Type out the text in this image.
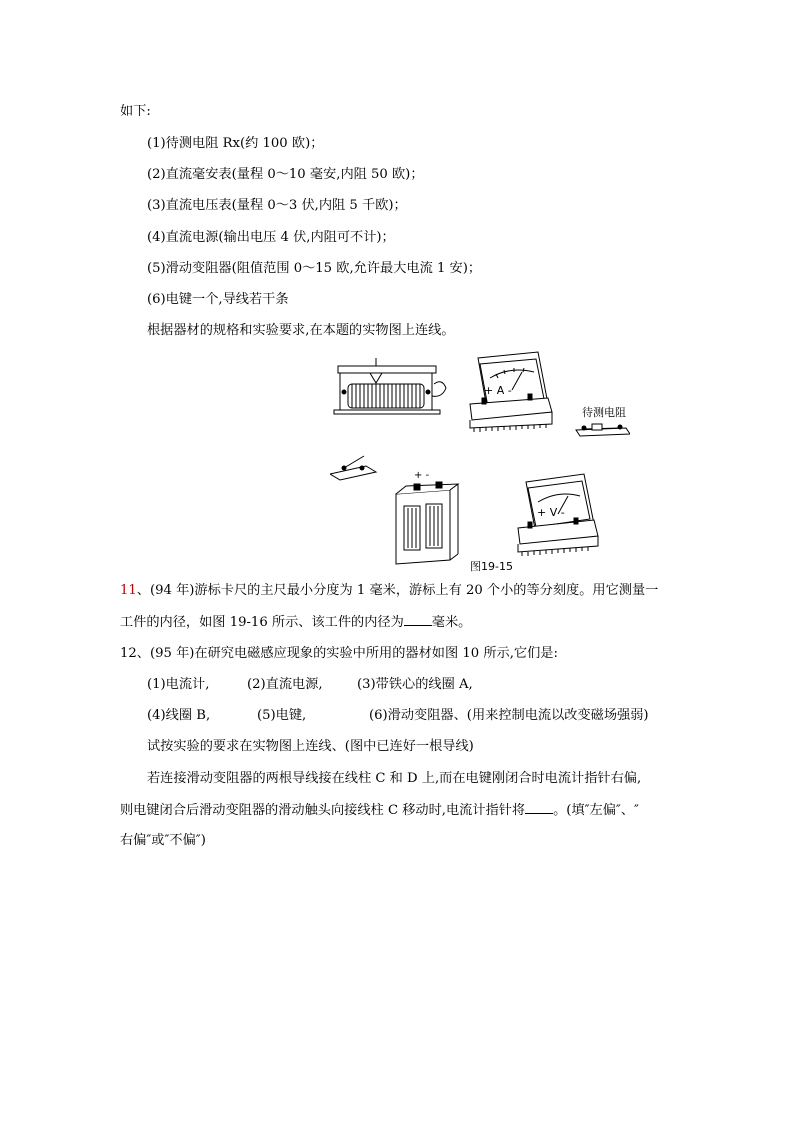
如下:
(1)待测电阻 Rx(约 100 欧)；
(2)直流毫安表(量程 0～10 毫安,内阻 50 欧)；
(3)直流电压表(量程 0～3 伏,内阻 5 千欧)；
(4)直流电源(输出电压 4 伏,内阻可不计)；
(5)滑动变阻器(阻值范围 0～15 欧,允许最大电流 1 安)；
(6)电键一个,导线若干条
根据器材的规格和实验要求,在本题的实物图上连线。
+ A -
+ V -
+ -
待测电阻
图19-15
11、(94 年)游标卡尺的主尺最小分度为 1 毫米，游标上有 20 个小的等分刻度。用它测量一
工件的内径，如图 19-16 所示、该工件的内径为 毫米。
12、(95 年)在研究电磁感应现象的实验中所用的器材如图 10 所示,它们是:
(1)电流计,	(2)直流电源,	(3)带铁心的线圈 A,
(4)线圈 B,	(5)电键,	(6)滑动变阻器、(用来控制电流以改变磁场强弱)
试按实验的要求在实物图上连线、(图中已连好一根导线)
若连接滑动变阻器的两根导线接在线柱 C 和 D 上,而在电键刚闭合时电流计指针右偏,
则电键闭合后滑动变阻器的滑动触头向接线柱 C 移动时,电流计指针将 。(填″左偏″、″
右偏″或″不偏″)
